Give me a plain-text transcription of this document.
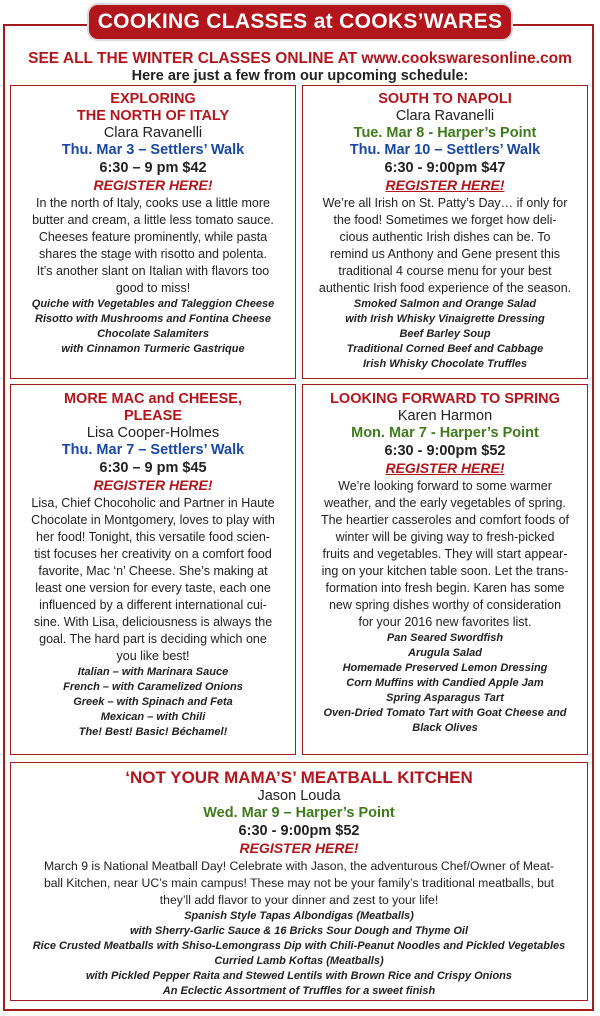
COOKING CLASSES at COOKS’WARES
SEE ALL THE WINTER CLASSES ONLINE AT www.cookswaresonline.com
Here are just a few from our upcoming schedule:
EXPLORING
THE NORTH OF ITALY
Clara Ravanelli
Thu. Mar 3 – Settlers’ Walk
6:30 – 9 pm $42
REGISTER HERE!
In the north of Italy, cooks use a little more
butter and cream, a little less tomato sauce.
Cheeses feature prominently, while pasta
shares the stage with risotto and polenta.
It’s another slant on Italian with flavors too
good to miss!
Quiche with Vegetables and Taleggion Cheese
Risotto with Mushrooms and Fontina Cheese
Chocolate Salamiters
with Cinnamon Turmeric Gastrique
SOUTH TO NAPOLI
Clara Ravanelli
Tue. Mar 8 - Harper’s Point
Thu. Mar 10 – Settlers’ Walk
6:30 - 9:00pm $47
REGISTER HERE!
We’re all Irish on St. Patty’s Day… if only for
the food! Sometimes we forget how deli-
cious authentic Irish dishes can be. To
remind us Anthony and Gene present this
traditional 4 course menu for your best
authentic Irish food experience of the season.
Smoked Salmon and Orange Salad
with Irish Whisky Vinaigrette Dressing
Beef Barley Soup
Traditional Corned Beef and Cabbage
Irish Whisky Chocolate Truffles
MORE MAC and CHEESE,
PLEASE
Lisa Cooper-Holmes
Thu. Mar 7 – Settlers’ Walk
6:30 – 9 pm $45
REGISTER HERE!
Lisa, Chief Chocoholic and Partner in Haute
Chocolate in Montgomery, loves to play with
her food! Tonight, this versatile food scien-
tist focuses her creativity on a comfort food
favorite, Mac ‘n’ Cheese. She’s making at
least one version for every taste, each one
influenced by a different international cui-
sine. With Lisa, deliciousness is always the
goal. The hard part is deciding which one
you like best!
Italian – with Marinara Sauce
French – with Caramelized Onions
Greek – with Spinach and Feta
Mexican – with Chili
The! Best! Basic! Béchamel!
LOOKING FORWARD TO SPRING
Karen Harmon
Mon. Mar 7 - Harper’s Point
6:30 - 9:00pm $52
REGISTER HERE!
We’re looking forward to some warmer
weather, and the early vegetables of spring.
The heartier casseroles and comfort foods of
winter will be giving way to fresh-picked
fruits and vegetables. They will start appear-
ing on your kitchen table soon. Let the trans-
formation into fresh begin. Karen has some
new spring dishes worthy of consideration
for your 2016 new favorites list.
Pan Seared Swordfish
Arugula Salad
Homemade Preserved Lemon Dressing
Corn Muffins with Candied Apple Jam
Spring Asparagus Tart
Oven-Dried Tomato Tart with Goat Cheese and
Black Olives
‘NOT YOUR MAMA’S’ MEATBALL KITCHEN
Jason Louda
Wed. Mar 9 – Harper’s Point
6:30 - 9:00pm $52
REGISTER HERE!
March 9 is National Meatball Day! Celebrate with Jason, the adventurous Chef/Owner of Meat-
ball Kitchen, near UC’s main campus! These may not be your family’s traditional meatballs, but
they’ll add flavor to your dinner and zest to your life!
Spanish Style Tapas Albondigas (Meatballs)
with Sherry-Garlic Sauce & 16 Bricks Sour Dough and Thyme Oil
Rice Crusted Meatballs with Shiso-Lemongrass Dip with Chili-Peanut Noodles and Pickled Vegetables
Curried Lamb Koftas (Meatballs)
with Pickled Pepper Raita and Stewed Lentils with Brown Rice and Crispy Onions
An Eclectic Assortment of Truffles for a sweet finish
